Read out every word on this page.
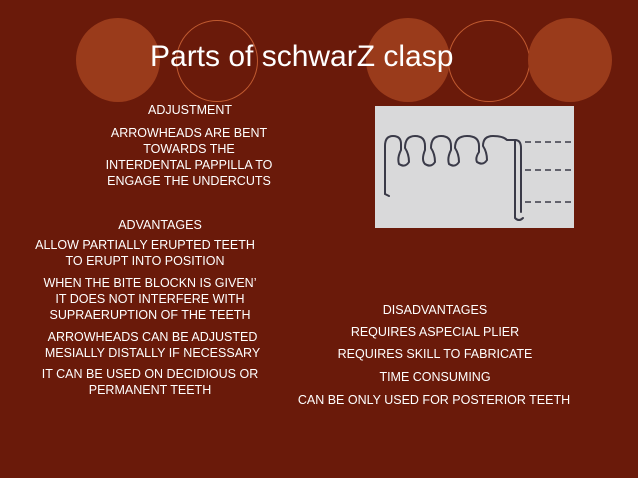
Parts of schwarZ clasp
ADJUSTMENT
ARROWHEADS ARE BENT TOWARDS THE INTERDENTAL PAPPILLA TO ENGAGE THE UNDERCUTS
ADVANTAGES
ALLOW PARTIALLY ERUPTED TEETH TO ERUPT INTO POSITION
WHEN THE BITE BLOCKN IS GIVEN’ IT DOES NOT INTERFERE WITH SUPRAERUPTION OF THE TEETH
ARROWHEADS CAN BE ADJUSTED MESIALLY DISTALLY IF NECESSARY
IT CAN BE USED ON DECIDIOUS OR PERMANENT TEETH
DISADVANTAGES
REQUIRES ASPECIAL PLIER
REQUIRES SKILL TO FABRICATE
TIME CONSUMING
CAN BE ONLY USED FOR POSTERIOR TEETH
